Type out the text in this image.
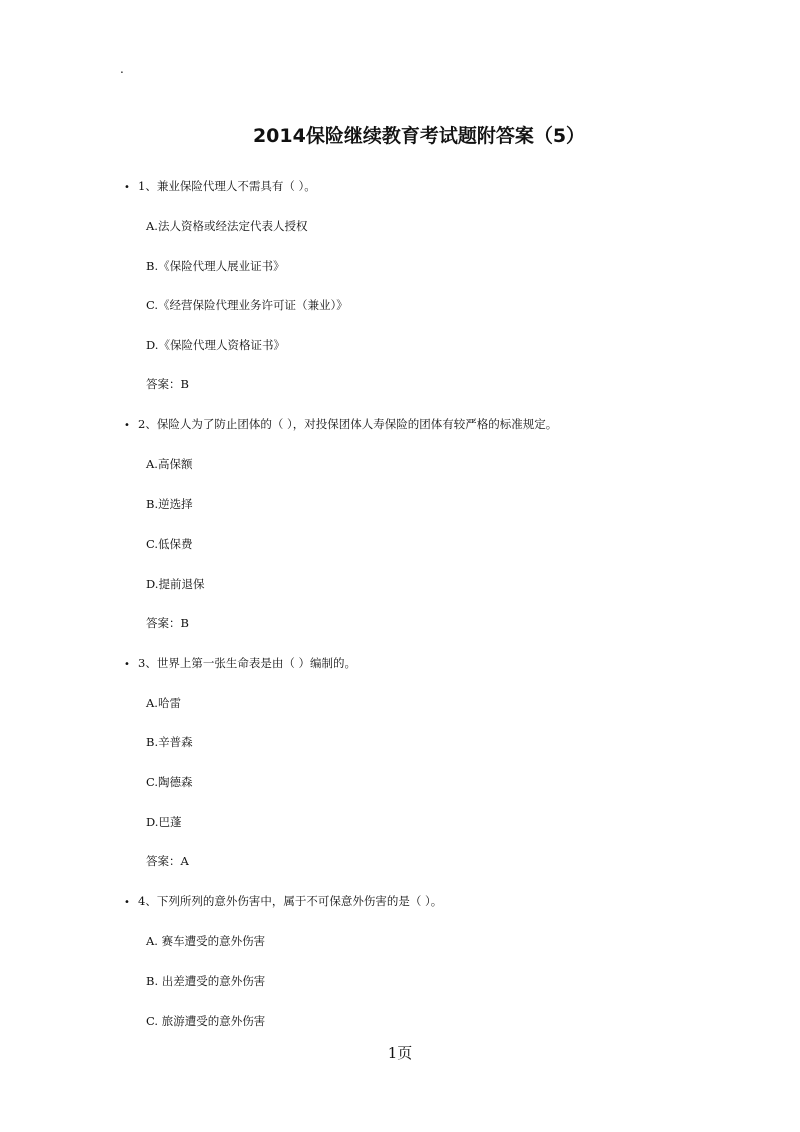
.
2014保险继续教育考试题附答案（5）
• 1、兼业保险代理人不需具有（ ）。
A.法人资格或经法定代表人授权
B.《保险代理人展业证书》
C.《经营保险代理业务许可证（兼业）》
D.《保险代理人资格证书》
答案：B
• 2、保险人为了防止团体的（ ），对投保团体人寿保险的团体有较严格的标准规定。
A.高保额
B.逆选择
C.低保费
D.提前退保
答案：B
• 3、世界上第一张生命表是由（ ）编制的。
A.哈雷
B.辛普森
C.陶德森
D.巴蓬
答案：A
• 4、下列所列的意外伤害中，属于不可保意外伤害的是（ ）。
A. 赛车遭受的意外伤害
B. 出差遭受的意外伤害
C. 旅游遭受的意外伤害
1页
